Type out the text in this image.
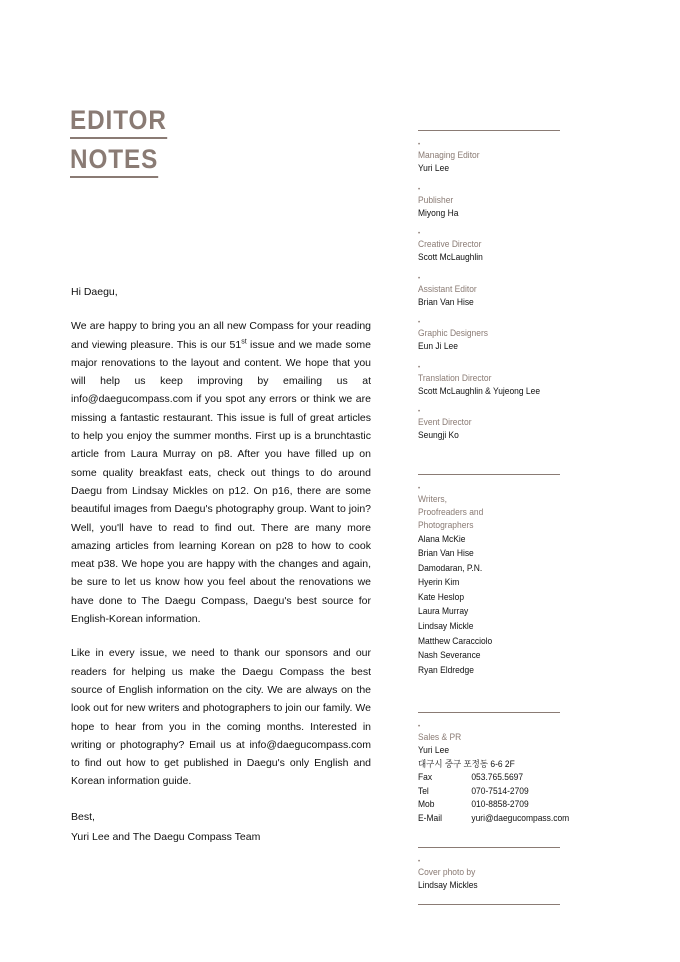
EDITOR
NOTES

Hi Daegu,

We are happy to bring you an all new Compass for your reading and viewing pleasure. This is our 51st issue and we made some major renovations to the layout and content. We hope that you will help us keep improving by emailing us at info@daegucompass.com if you spot any errors or think we are missing a fantastic restaurant. This issue is full of great articles to help you enjoy the summer months. First up is a brunchtastic article from Laura Murray on p8. After you have filled up on some quality breakfast eats, check out things to do around Daegu from Lindsay Mickles on p12. On p16, there are some beautiful images from Daegu's photography group. Want to join? Well, you'll have to read to find out. There are many more amazing articles from learning Korean on p28 to how to cook meat p38. We hope you are happy with the changes and again, be sure to let us know how you feel about the renovations we have done to The Daegu Compass, Daegu's best source for English-Korean information.

Like in every issue, we need to thank our sponsors and our readers for helping us make the Daegu Compass the best source of English information on the city. We are always on the look out for new writers and photographers to join our family. We hope to hear from you in the coming months. Interested in writing or photography? Email us at info@daegucompass.com to find out how to get published in Daegu's only English and Korean information guide.

Best,

Yuri Lee and The Daegu Compass Team

•
Managing Editor
Yuri Lee
•
Publisher
Miyong Ha
•
Creative Director
Scott McLaughlin
•
Assistant Editor
Brian Van Hise
•
Graphic Designers
Eun Ji Lee
•
Translation Director
Scott McLaughlin & Yujeong Lee
•
Event Director
Seungji Ko
•
Writers,
Proofreaders and
Photographers
Alana McKie
Brian Van Hise
Damodaran, P.N.
Hyerin Kim
Kate Heslop
Laura Murray
Lindsay Mickle
Matthew Caracciolo
Nash Severance
Ryan Eldredge
•
Sales & PR
Yuri Lee
대구시 중구 포정동 6-6 2F
Fax	053.765.5697
Tel	070-7514-2709
Mob	010-8858-2709
E-Mail	yuri@daegucompass.com
•
Cover photo by
Lindsay Mickles
